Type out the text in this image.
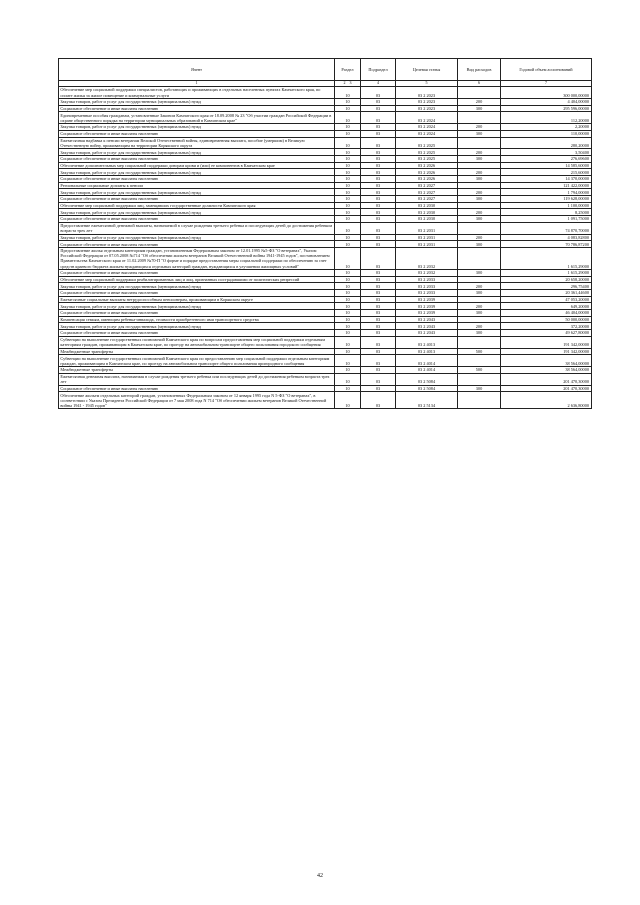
Ячент	Раздел	Подраздел	Целевая статья	Вид расходов	Годовой объем ассигнований
1	2 3	4	5	6	7
Обеспечение мер социальной поддержки специалистов, работающих и проживающих в отдельных населенных пунктах Камчатского края, по оплате жилья за жилое помещение и коммунальные услуги	10	03	03 2 2023		300 000,00000
Закупка товаров, работ и услуг для государственных (муниципальных) нужд	10	03	03 2 2023	200	4 404,00000
Социальное обеспечение и иные выплаты населению	10	03	03 2 2023	300	295 596,00000
Единовременные пособия гражданам, установленные Законом Камчатского края от 18.09.2008 № 23 "Об участии граждан Российской Федерации в охране общественного порядка на территории муниципальных образований в Камчатском крае"	10	03	03 2 2024		112,20000
Закупка товаров, работ и услуг для государственных (муниципальных) нужд	10	03	03 2 2024	200	2,20000
Социальное обеспечение и иные выплаты населению	10	03	03 2 2024	300	110,00000
Ежемесячная надбавка к пенсии ветеранам Великой Отечественной войны, единовременная выплата, пособие (умершим) в Великую Отечественную войну, проживающим на территории Корякского округа	10	03	03 2 2025		280,20000
Закупка товаров, работ и услуг для государственных (муниципальных) нужд	10	03	03 2 2025	200	3,50400
Социальное обеспечение и иные выплаты населению	10	03	03 2 2025	300	276,69600
Обеспечение дополнительных мер социальной поддержки донорам крови и (или) ее компонентов в Камчатском крае	10	03	03 2 2026		14 585,60000
Закупка товаров, работ и услуг для государственных (муниципальных) нужд	10	03	03 2 2026	200	215,60000
Социальное обеспечение и иные выплаты населению	10	03	03 2 2026	300	14 370,00000
Региональные социальные доплаты к пенсии	10	03	03 2 2027		121 422,00000
Закупка товаров, работ и услуг для государственных (муниципальных) нужд	10	03	03 2 2027	200	1 794,00000
Социальное обеспечение и иные выплаты населению	10	03	03 2 2027	300	119 628,00000
Обеспечение мер социальной поддержки лиц, замещавших государственные должности Камчатского края	10	03	03 2 2030		1 100,00000
Закупка товаров, работ и услуг для государственных (муниципальных) нужд	10	03	03 2 2030	200	8,25000
Социальное обеспечение и иные выплаты населению	10	03	03 2 2030	300	1 091,75000
Предоставление ежемесячной денежной выплаты, назначаемой в случае рождения третьего ребенка и последующих детей до достижения ребенком возраста трех лет	10	03	03 2 2031		74 870,70000
Закупка товаров, работ и услуг для государственных (муниципальных) нужд	10	03	03 2 2031	200	4 083,82800
Социальное обеспечение и иные выплаты населению	10	03	03 2 2031	300	70 786,87200
Предоставление жилья отдельным категориям граждан, установленным Федеральным законом от 12.01.1995 №5-ФЗ "О ветеранах", Указом Российской Федерации от 07.05.2008 №714 "Об обеспечении жильем ветеранов Великой Отечественной войны 1941-1945 годов", постановлением Правительства Камчатского края от 11.02.2009 №70-П "О форме и порядке предоставления меры социальной поддержки по обеспечению за счет средств краевого бюджета жильем нуждающихся отдельных категорий граждан, нуждающихся в улучшении жилищных условий"	10	03	03 2 2032		1 615,29000
Социальное обеспечение и иные выплаты населению	10	03	03 2 2032	300	1 615,29000
Обеспечение мер социальной поддержки реабилитированных лиц и лиц, признанных пострадавшими от политических репрессий	10	03	03 2 2033		20 658,20000
Закупка товаров, работ и услуг для государственных (муниципальных) нужд	10	03	03 2 2033	200	296,75400
Социальное обеспечение и иные выплаты населению	10	03	03 2 2033	300	20 361,44600
Ежемесячные социальные выплаты нетрудоспособным пенсионерам, проживающим в Корякском округе	10	03	03 2 2039		47 053,20000
Закупка товаров, работ и услуг для государственных (муниципальных) нужд	10	03	03 2 2039	200	649,20000
Социальное обеспечение и иные выплаты населению	10	03	03 2 2039	300	46 404,00000
Компенсация семьям, имеющим ребенка-инвалида, стоимости приобретенного ими транспортного средства	10	03	03 2 2043		50 000,00000
Закупка товаров, работ и услуг для государственных (муниципальных) нужд	10	03	03 2 2043	200	372,20000
Социальное обеспечение и иные выплаты населению	10	03	03 2 2043	300	49 627,80000
Субвенции на выполнение государственных полномочий Камчатского края по вопросам предоставления мер социальной поддержки отдельным категориям граждан, проживающим в Камчатском крае, по проезду на автомобильном транспорте общего пользования городского сообщения	10	03	03 2 4013		191 342,00000
Межбюджетные трансферты	10	03	03 2 4013	500	191 342,00000
Субвенции на выполнение государственных полномочий Камчатского края по предоставлению мер социальной поддержки отдельным категориям граждан, проживающим в Камчатском крае, по проезду на автомобильном транспорте общего пользования пригородного сообщения	10	03	03 2 4014		38 564,00000
Межбюджетные трансферты	10	03	03 2 4014	500	38 564,00000
Ежемесячная денежная выплата, назначаемая в случае рождения третьего ребенка или последующих детей до достижения ребенком возраста трех лет	10	03	03 2 5084		201 470,30000
Социальное обеспечение и иные выплаты населению	10	03	03 2 5084	300	201 470,30000
Обеспечение жильем отдельных категорий граждан, установленных Федеральным законом от 12 января 1995 года N 5-ФЗ "О ветеранах", в соответствии с Указом Президента Российской Федерации от 7 мая 2008 года N 714 "Об обеспечении жильем ветеранов Великой Отечественной войны 1941 - 1945 годов"	10	03	03 2 5134		2 636,80000
42
